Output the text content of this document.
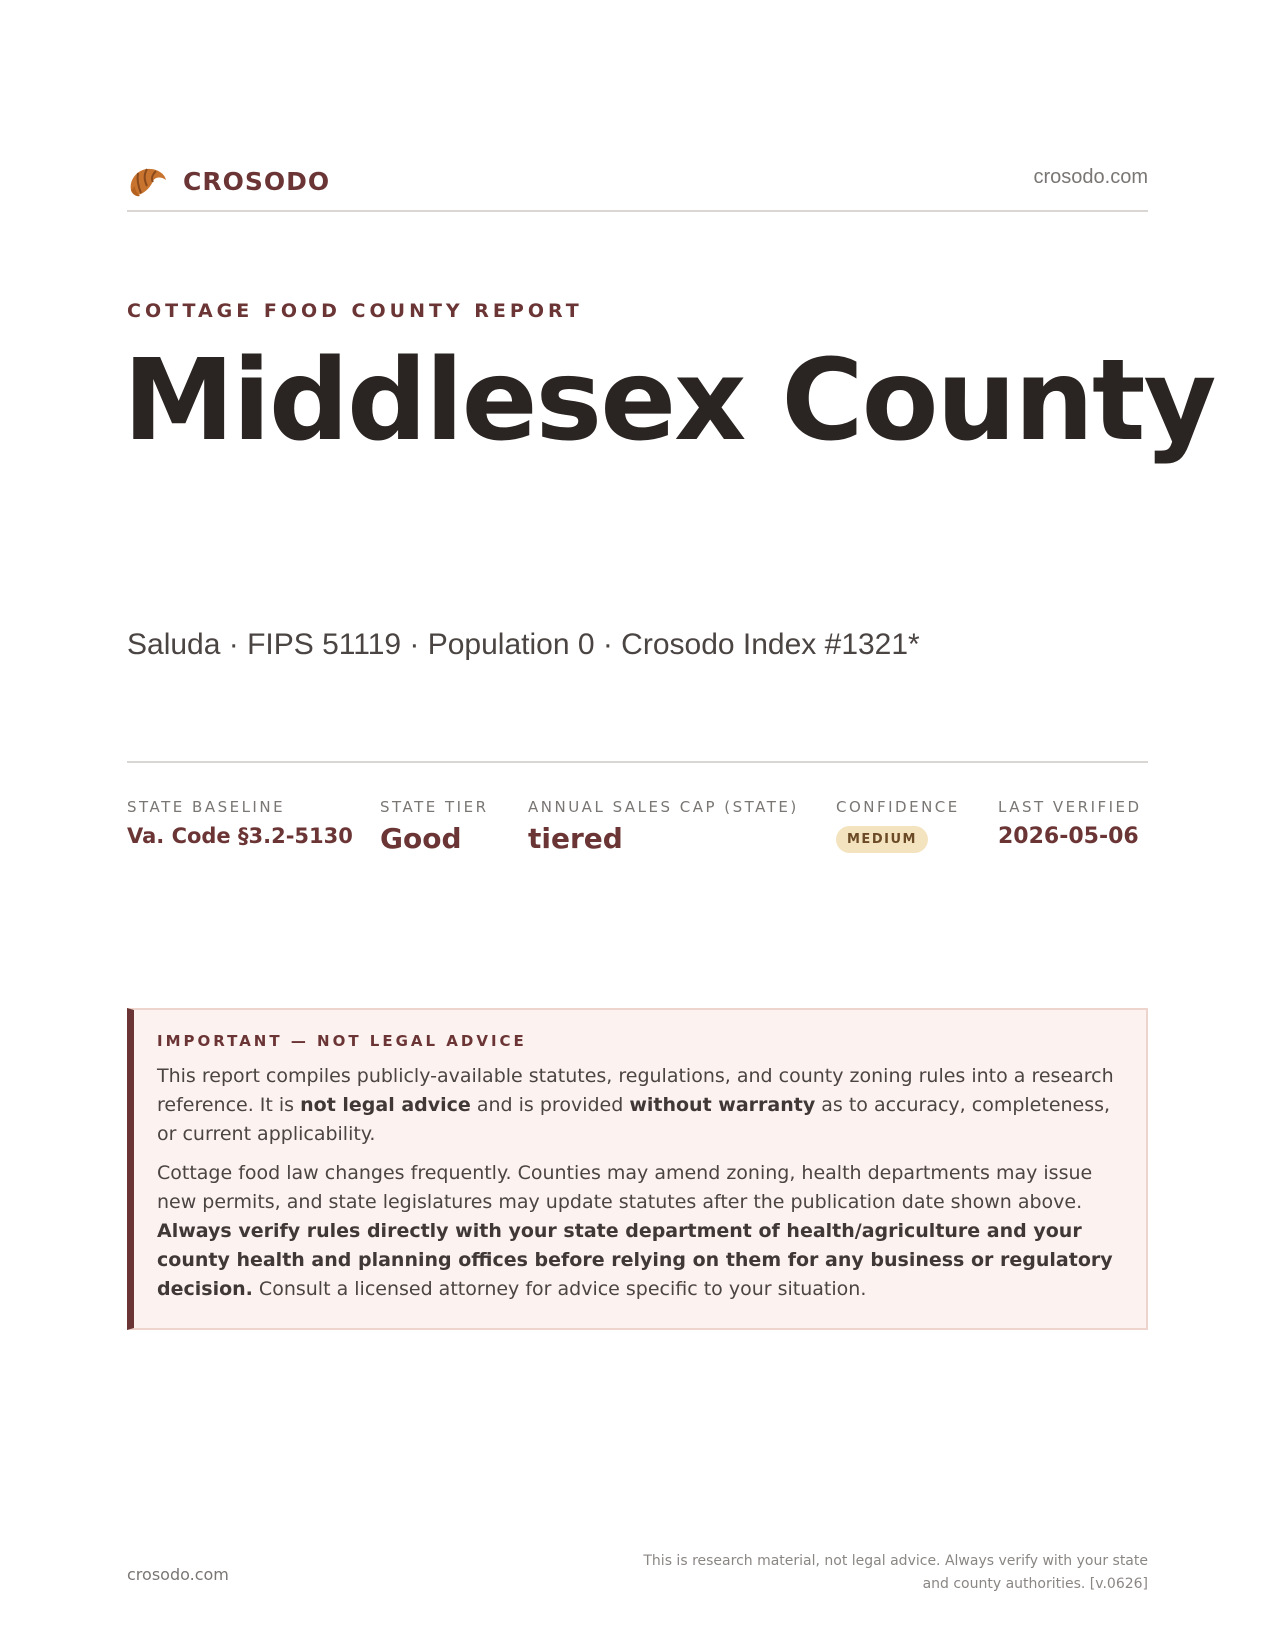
CROSODO	crosodo.com
COTTAGE FOOD COUNTY REPORT
Middlesex County
Saluda · FIPS 51119 · Population 0 · Crosodo Index #1321*
STATE BASELINE
Va. Code §3.2-5130
STATE TIER
Good
ANNUAL SALES CAP (STATE)
tiered
CONFIDENCE
MEDIUM
LAST VERIFIED
2026-05-06
IMPORTANT — NOT LEGAL ADVICE

This report compiles publicly-available statutes, regulations, and county zoning rules into a research reference. It is not legal advice and is provided without warranty as to accuracy, completeness, or current applicability.

Cottage food law changes frequently. Counties may amend zoning, health departments may issue new permits, and state legislatures may update statutes after the publication date shown above. Always verify rules directly with your state department of health/agriculture and your county health and planning offices before relying on them for any business or regulatory decision. Consult a licensed attorney for advice specific to your situation.

crosodo.com
This is research material, not legal advice. Always verify with your state
and county authorities. [v.0626]
